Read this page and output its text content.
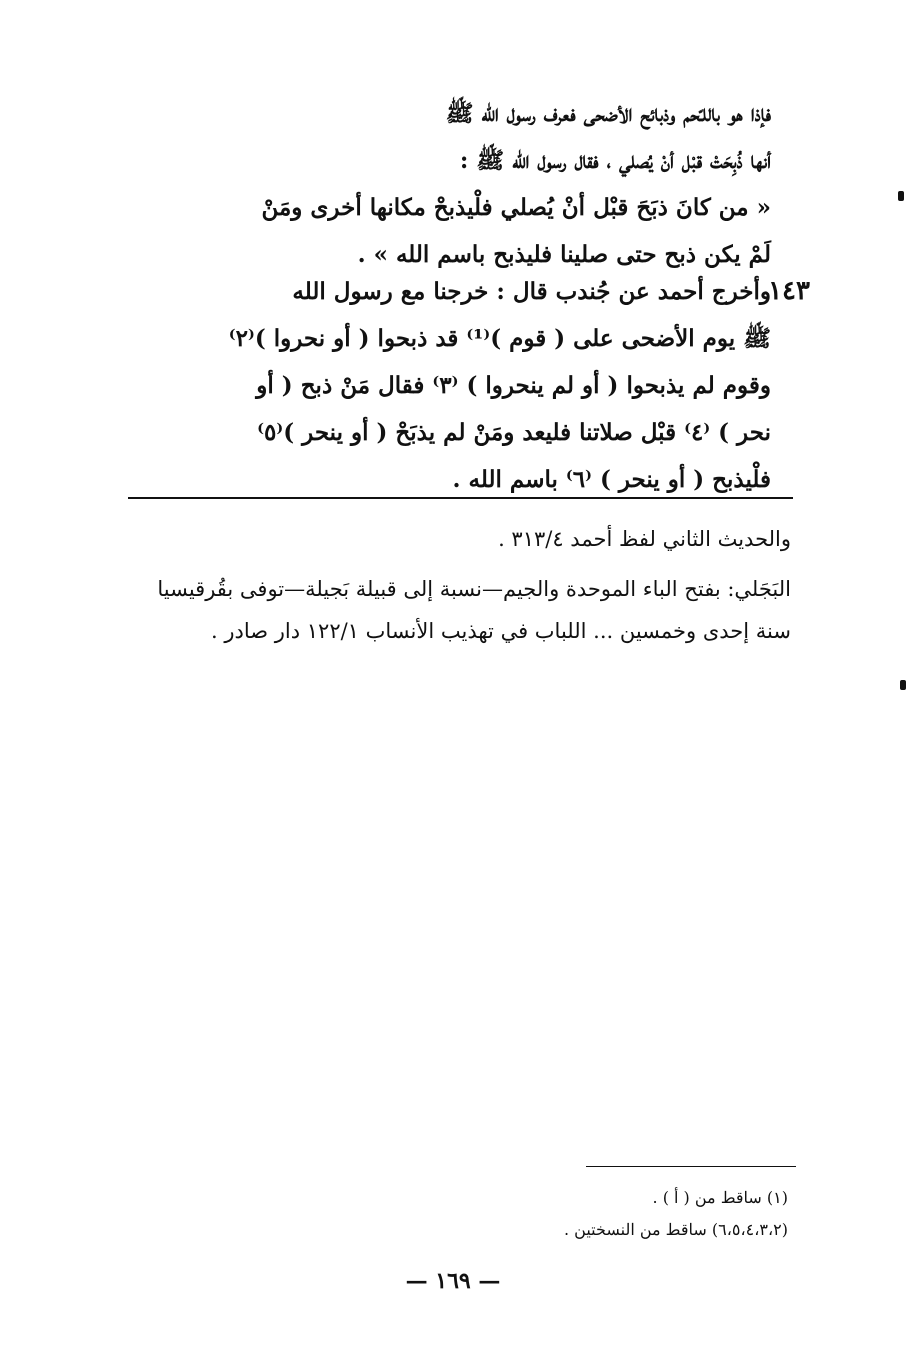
فإذا هو باللـّحم وذبائح الأضحى فعرف رسول الله ﷺ
أنها ذُبِحَتْ قبْل أنْ يُصلي ، فقال رسول الله ﷺ :
« من كانَ ذبَحَ قبْل أنْ يُصلي فلْيذبحْ مكانها أخرى ومَنْ
لَمْ يكن ذبح حتى صلينا فليذبح باسم الله » .
١٤٣
وأخرج أحمد عن جُندب قال : خرجنا مع رسول الله
ﷺ يوم الأضحى على ( قوم )⁽¹⁾ قد ذبحوا ( أو نحروا )⁽٢⁾
وقوم لم يذبحوا ( أو لم ينحروا ) ⁽٣⁾ فقال مَنْ ذبح ( أو
نحر ) ⁽٤⁾ قبْل صلاتنا فليعد ومَنْ لم يذبَحْ ( أو ينحر )⁽٥⁾
فلْيذبح ( أو ينحر ) ⁽٦⁾ باسم الله .
والحديث الثاني لفظ أحمد ٣١٣/٤ .
البَجَلي: بفتح الباء الموحدة والجيم—نسبة إلى قبيلة بَجيلة—توفى بقُرقيسيا
سنة إحدى وخمسين ... اللباب في تهذيب الأنساب ١٢٢/١ دار صادر .
(١) ساقط من ( أ ) .
(٦،٥،٤،٣،٢) ساقط من النسختين .
— ١٦٩ —
